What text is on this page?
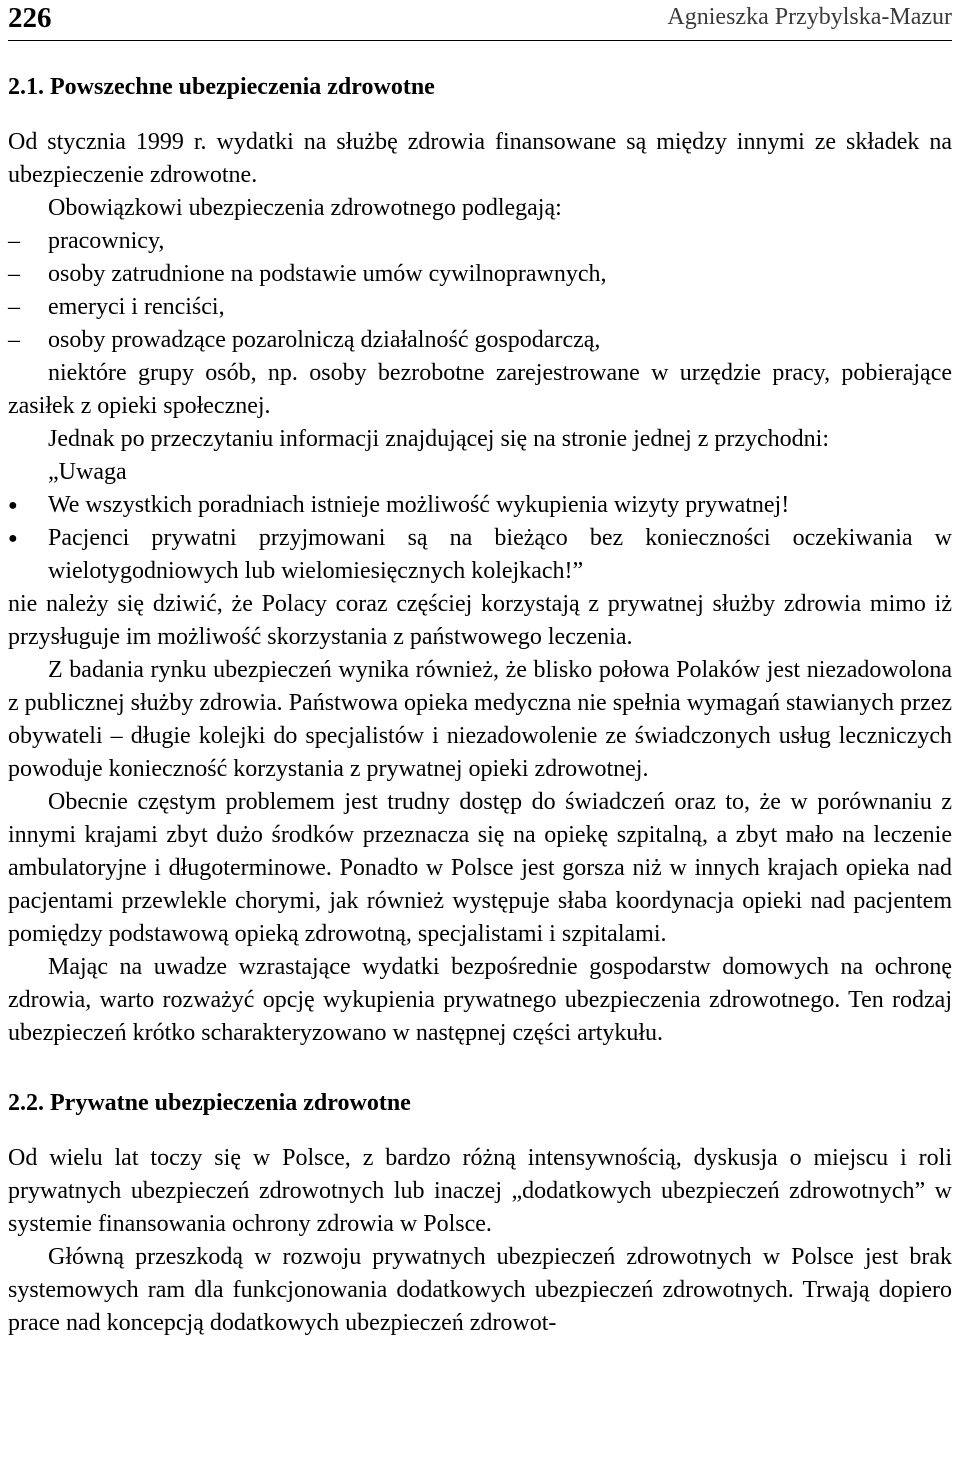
226	Agnieszka Przybylska-Mazur
2.1. Powszechne ubezpieczenia zdrowotne

Od stycznia 1999 r. wydatki na służbę zdrowia finansowane są między innymi ze składek na ubezpieczenie zdrowotne.

Obowiązkowi ubezpieczenia zdrowotnego podlegają:

–	pracownicy,
–	osoby zatrudnione na podstawie umów cywilnoprawnych,
–	emeryci i renciści,
–	osoby prowadzące pozarolniczą działalność gospodarczą,

niektóre grupy osób, np. osoby bezrobotne zarejestrowane w urzędzie pracy, pobierające zasiłek z opieki społecznej.

Jednak po przeczytaniu informacji znajdującej się na stronie jednej z przychodni:

„Uwaga

●	We wszystkich poradniach istnieje możliwość wykupienia wizyty prywatnej!
●	Pacjenci prywatni przyjmowani są na bieżąco bez konieczności oczekiwania w wielotygodniowych lub wielomiesięcznych kolejkach!”

nie należy się dziwić, że Polacy coraz częściej korzystają z prywatnej służby zdrowia mimo iż przysługuje im możliwość skorzystania z państwowego leczenia.

Z badania rynku ubezpieczeń wynika również, że blisko połowa Polaków jest niezadowolona z publicznej służby zdrowia. Państwowa opieka medyczna nie spełnia wymagań stawianych przez obywateli – długie kolejki do specjalistów i niezadowolenie ze świadczonych usług leczniczych powoduje konieczność korzystania z prywatnej opieki zdrowotnej.

Obecnie częstym problemem jest trudny dostęp do świadczeń oraz to, że w porównaniu z innymi krajami zbyt dużo środków przeznacza się na opiekę szpitalną, a zbyt mało na leczenie ambulatoryjne i długoterminowe. Ponadto w Polsce jest gorsza niż w innych krajach opieka nad pacjentami przewlekle chorymi, jak również występuje słaba koordynacja opieki nad pacjentem pomiędzy podstawową opieką zdrowotną, specjalistami i szpitalami.

Mając na uwadze wzrastające wydatki bezpośrednie gospodarstw domowych na ochronę zdrowia, warto rozważyć opcję wykupienia prywatnego ubezpieczenia zdrowotnego. Ten rodzaj ubezpieczeń krótko scharakteryzowano w następnej części artykułu.

2.2. Prywatne ubezpieczenia zdrowotne

Od wielu lat toczy się w Polsce, z bardzo różną intensywnością, dyskusja o miejscu i roli prywatnych ubezpieczeń zdrowotnych lub inaczej „dodatkowych ubezpieczeń zdrowotnych” w systemie finansowania ochrony zdrowia w Polsce.

Główną przeszkodą w rozwoju prywatnych ubezpieczeń zdrowotnych w Polsce jest brak systemowych ram dla funkcjonowania dodatkowych ubezpieczeń zdrowotnych. Trwają dopiero prace nad koncepcją dodatkowych ubezpieczeń zdrowot-
